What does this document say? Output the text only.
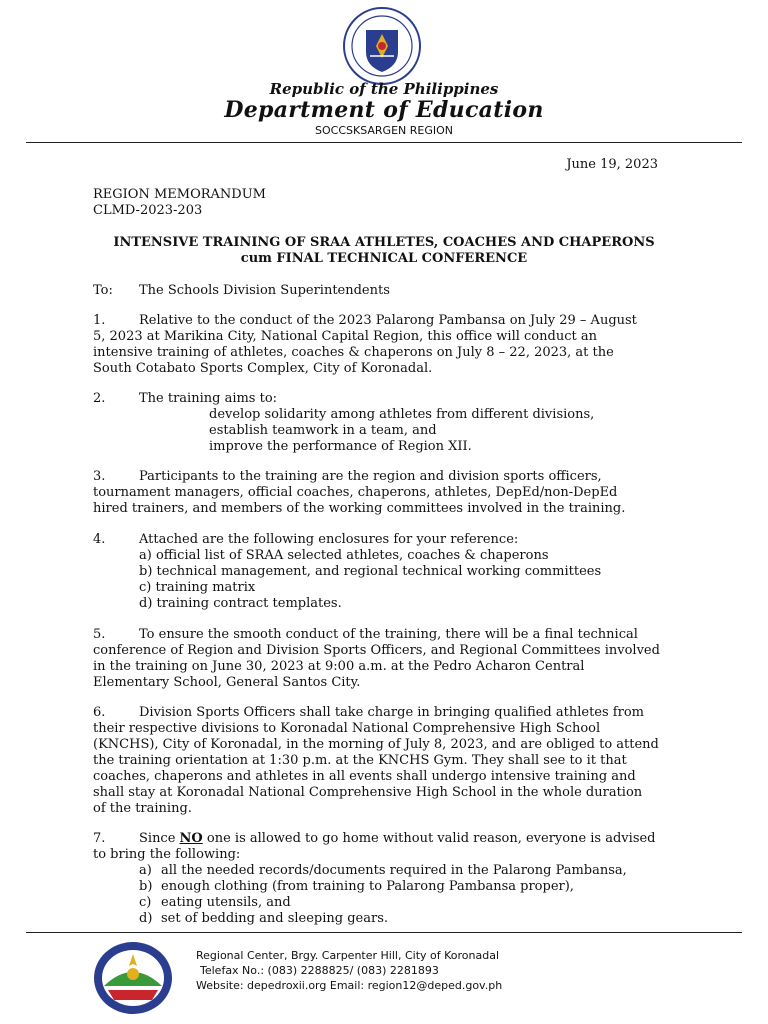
Republic of the Philippines
Department of Education
SOCCSKSARGEN REGION
June 19, 2023
REGION MEMORANDUM
CLMD-2023-203
INTENSIVE TRAINING OF SRAA ATHLETES, COACHES AND CHAPERONS
cum FINAL TECHNICAL CONFERENCE
To: The Schools Division Superintendents
1.	Relative to the conduct of the 2023 Palarong Pambansa on July 29 – August
5, 2023 at Marikina City, National Capital Region, this office will conduct an
intensive training of athletes, coaches & chaperons on July 8 – 22, 2023, at the
South Cotabato Sports Complex, City of Koronadal.
2.	The training aims to:
develop solidarity among athletes from different divisions,
establish teamwork in a team, and
improve the performance of Region XII.
3.	Participants to the training are the region and division sports officers,
tournament managers, official coaches, chaperons, athletes, DepEd/non-DepEd
hired trainers, and members of the working committees involved in the training.
4.	Attached are the following enclosures for your reference:
a) official list of SRAA selected athletes, coaches & chaperons
b) technical management, and regional technical working committees
c) training matrix
d) training contract templates.
5.	To ensure the smooth conduct of the training, there will be a final technical
conference of Region and Division Sports Officers, and Regional Committees involved
in the training on June 30, 2023 at 9:00 a.m. at the Pedro Acharon Central
Elementary School, General Santos City.
6.	Division Sports Officers shall take charge in bringing qualified athletes from
their respective divisions to Koronadal National Comprehensive High School
(KNCHS), City of Koronadal, in the morning of July 8, 2023, and are obliged to attend
the training orientation at 1:30 p.m. at the KNCHS Gym. They shall see to it that
coaches, chaperons and athletes in all events shall undergo intensive training and
shall stay at Koronadal National Comprehensive High School in the whole duration
of the training.
7.	Since NO one is allowed to go home without valid reason, everyone is advised
to bring the following:
a) all the needed records/documents required in the Palarong Pambansa,
b) enough clothing (from training to Palarong Pambansa proper),
c) eating utensils, and
d) set of bedding and sleeping gears.
Regional Center, Brgy. Carpenter Hill, City of Koronadal
Telefax No.: (083) 2288825/ (083) 2281893
Website: depedroxii.org Email: region12@deped.gov.ph
